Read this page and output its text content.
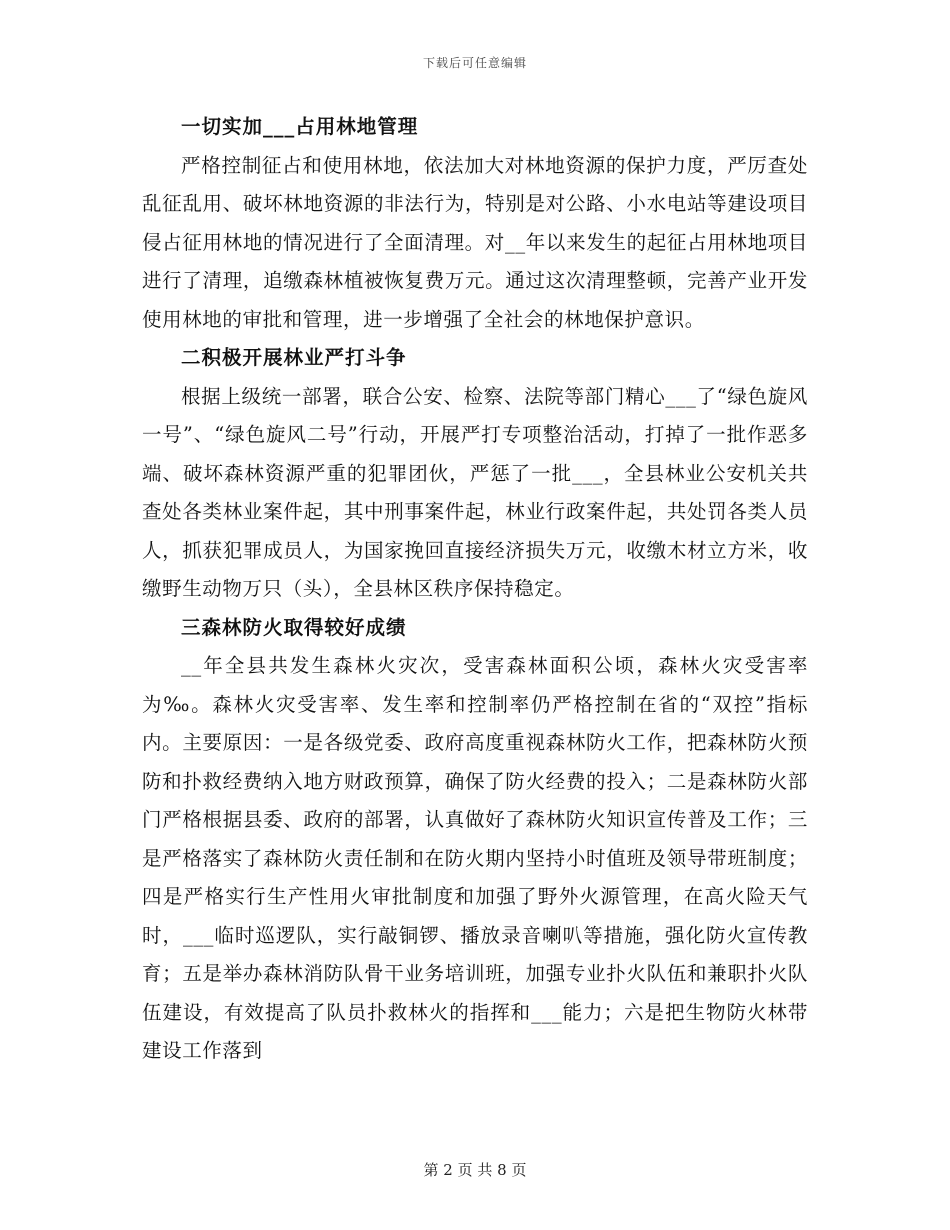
下载后可任意编辑

一切实加___占用林地管理

严格控制征占和使用林地，依法加大对林地资源的保护力度，严厉查处乱征乱用、破坏林地资源的非法行为，特别是对公路、小水电站等建设项目侵占征用林地的情况进行了全面清理。对__年以来发生的起征占用林地项目进行了清理，追缴森林植被恢复费万元。通过这次清理整顿，完善产业开发使用林地的审批和管理，进一步增强了全社会的林地保护意识。

二积极开展林业严打斗争

根据上级统一部署，联合公安、检察、法院等部门精心___了“绿色旋风一号”、“绿色旋风二号”行动，开展严打专项整治活动，打掉了一批作恶多端、破坏森林资源严重的犯罪团伙，严惩了一批___，全县林业公安机关共查处各类林业案件起，其中刑事案件起，林业行政案件起，共处罚各类人员人，抓获犯罪成员人，为国家挽回直接经济损失万元，收缴木材立方米，收缴野生动物万只（头），全县林区秩序保持稳定。

三森林防火取得较好成绩

__年全县共发生森林火灾次，受害森林面积公顷，森林火灾受害率为‰。森林火灾受害率、发生率和控制率仍严格控制在省的“双控”指标内。主要原因：一是各级党委、政府高度重视森林防火工作，把森林防火预防和扑救经费纳入地方财政预算，确保了防火经费的投入；二是森林防火部门严格根据县委、政府的部署，认真做好了森林防火知识宣传普及工作；三是严格落实了森林防火责任制和在防火期内坚持小时值班及领导带班制度；四是严格实行生产性用火审批制度和加强了野外火源管理，在高火险天气时，___临时巡逻队，实行敲铜锣、播放录音喇叭等措施，强化防火宣传教育；五是举办森林消防队骨干业务培训班，加强专业扑火队伍和兼职扑火队伍建设，有效提高了队员扑救林火的指挥和___能力；六是把生物防火林带建设工作落到

第 2 页 共 8 页
